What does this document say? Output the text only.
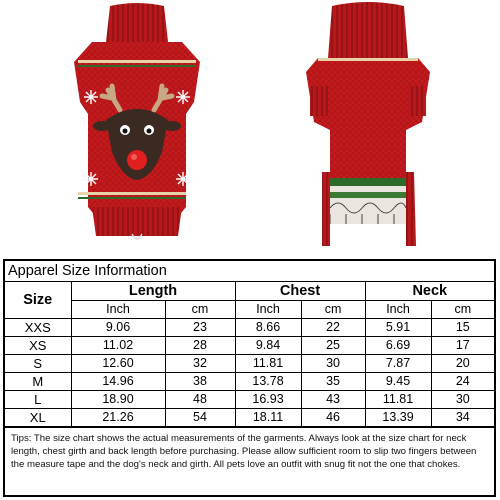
Apparel Size Information
Size	Length		Chest		Neck	
	Inch	cm	Inch	cm	Inch	cm
XXS	9.06	23	8.66	22	5.91	15
XS	11.02	28	9.84	25	6.69	17
S	12.60	32	11.81	30	7.87	20
M	14.96	38	13.78	35	9.45	24
L	18.90	48	16.93	43	11.81	30
XL	21.26	54	18.11	46	13.39	34
Tips: The size chart shows the actual measurements of the garments. Always look at the size chart for neck length, chest girth and back length before purchasing. Please allow sufficient room to slip two fingers between the measure tape and the dog's neck and girth. All pets love an outfit with snug fit not the one that chokes.
